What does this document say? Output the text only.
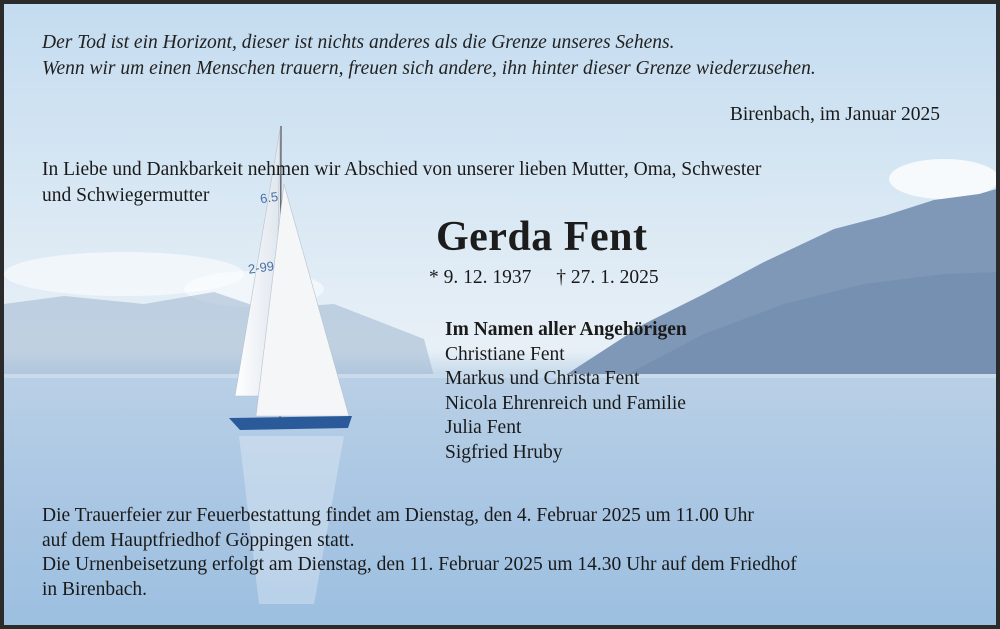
6.5
2-99
Der Tod ist ein Horizont, dieser ist nichts anderes als die Grenze unseres Sehens.
Wenn wir um einen Menschen trauern, freuen sich andere, ihn hinter dieser Grenze wiederzusehen.
Birenbach, im Januar 2025
In Liebe und Dankbarkeit nehmen wir Abschied von unserer lieben Mutter, Oma, Schwester
und Schwiegermutter
Gerda Fent
* 9. 12. 1937 † 27. 1. 2025
Im Namen aller Angehörigen
Christiane Fent
Markus und Christa Fent
Nicola Ehrenreich und Familie
Julia Fent
Sigfried Hruby
Die Trauerfeier zur Feuerbestattung findet am Dienstag, den 4. Februar 2025 um 11.00 Uhr
auf dem Hauptfriedhof Göppingen statt.
Die Urnenbeisetzung erfolgt am Dienstag, den 11. Februar 2025 um 14.30 Uhr auf dem Friedhof
in Birenbach.
